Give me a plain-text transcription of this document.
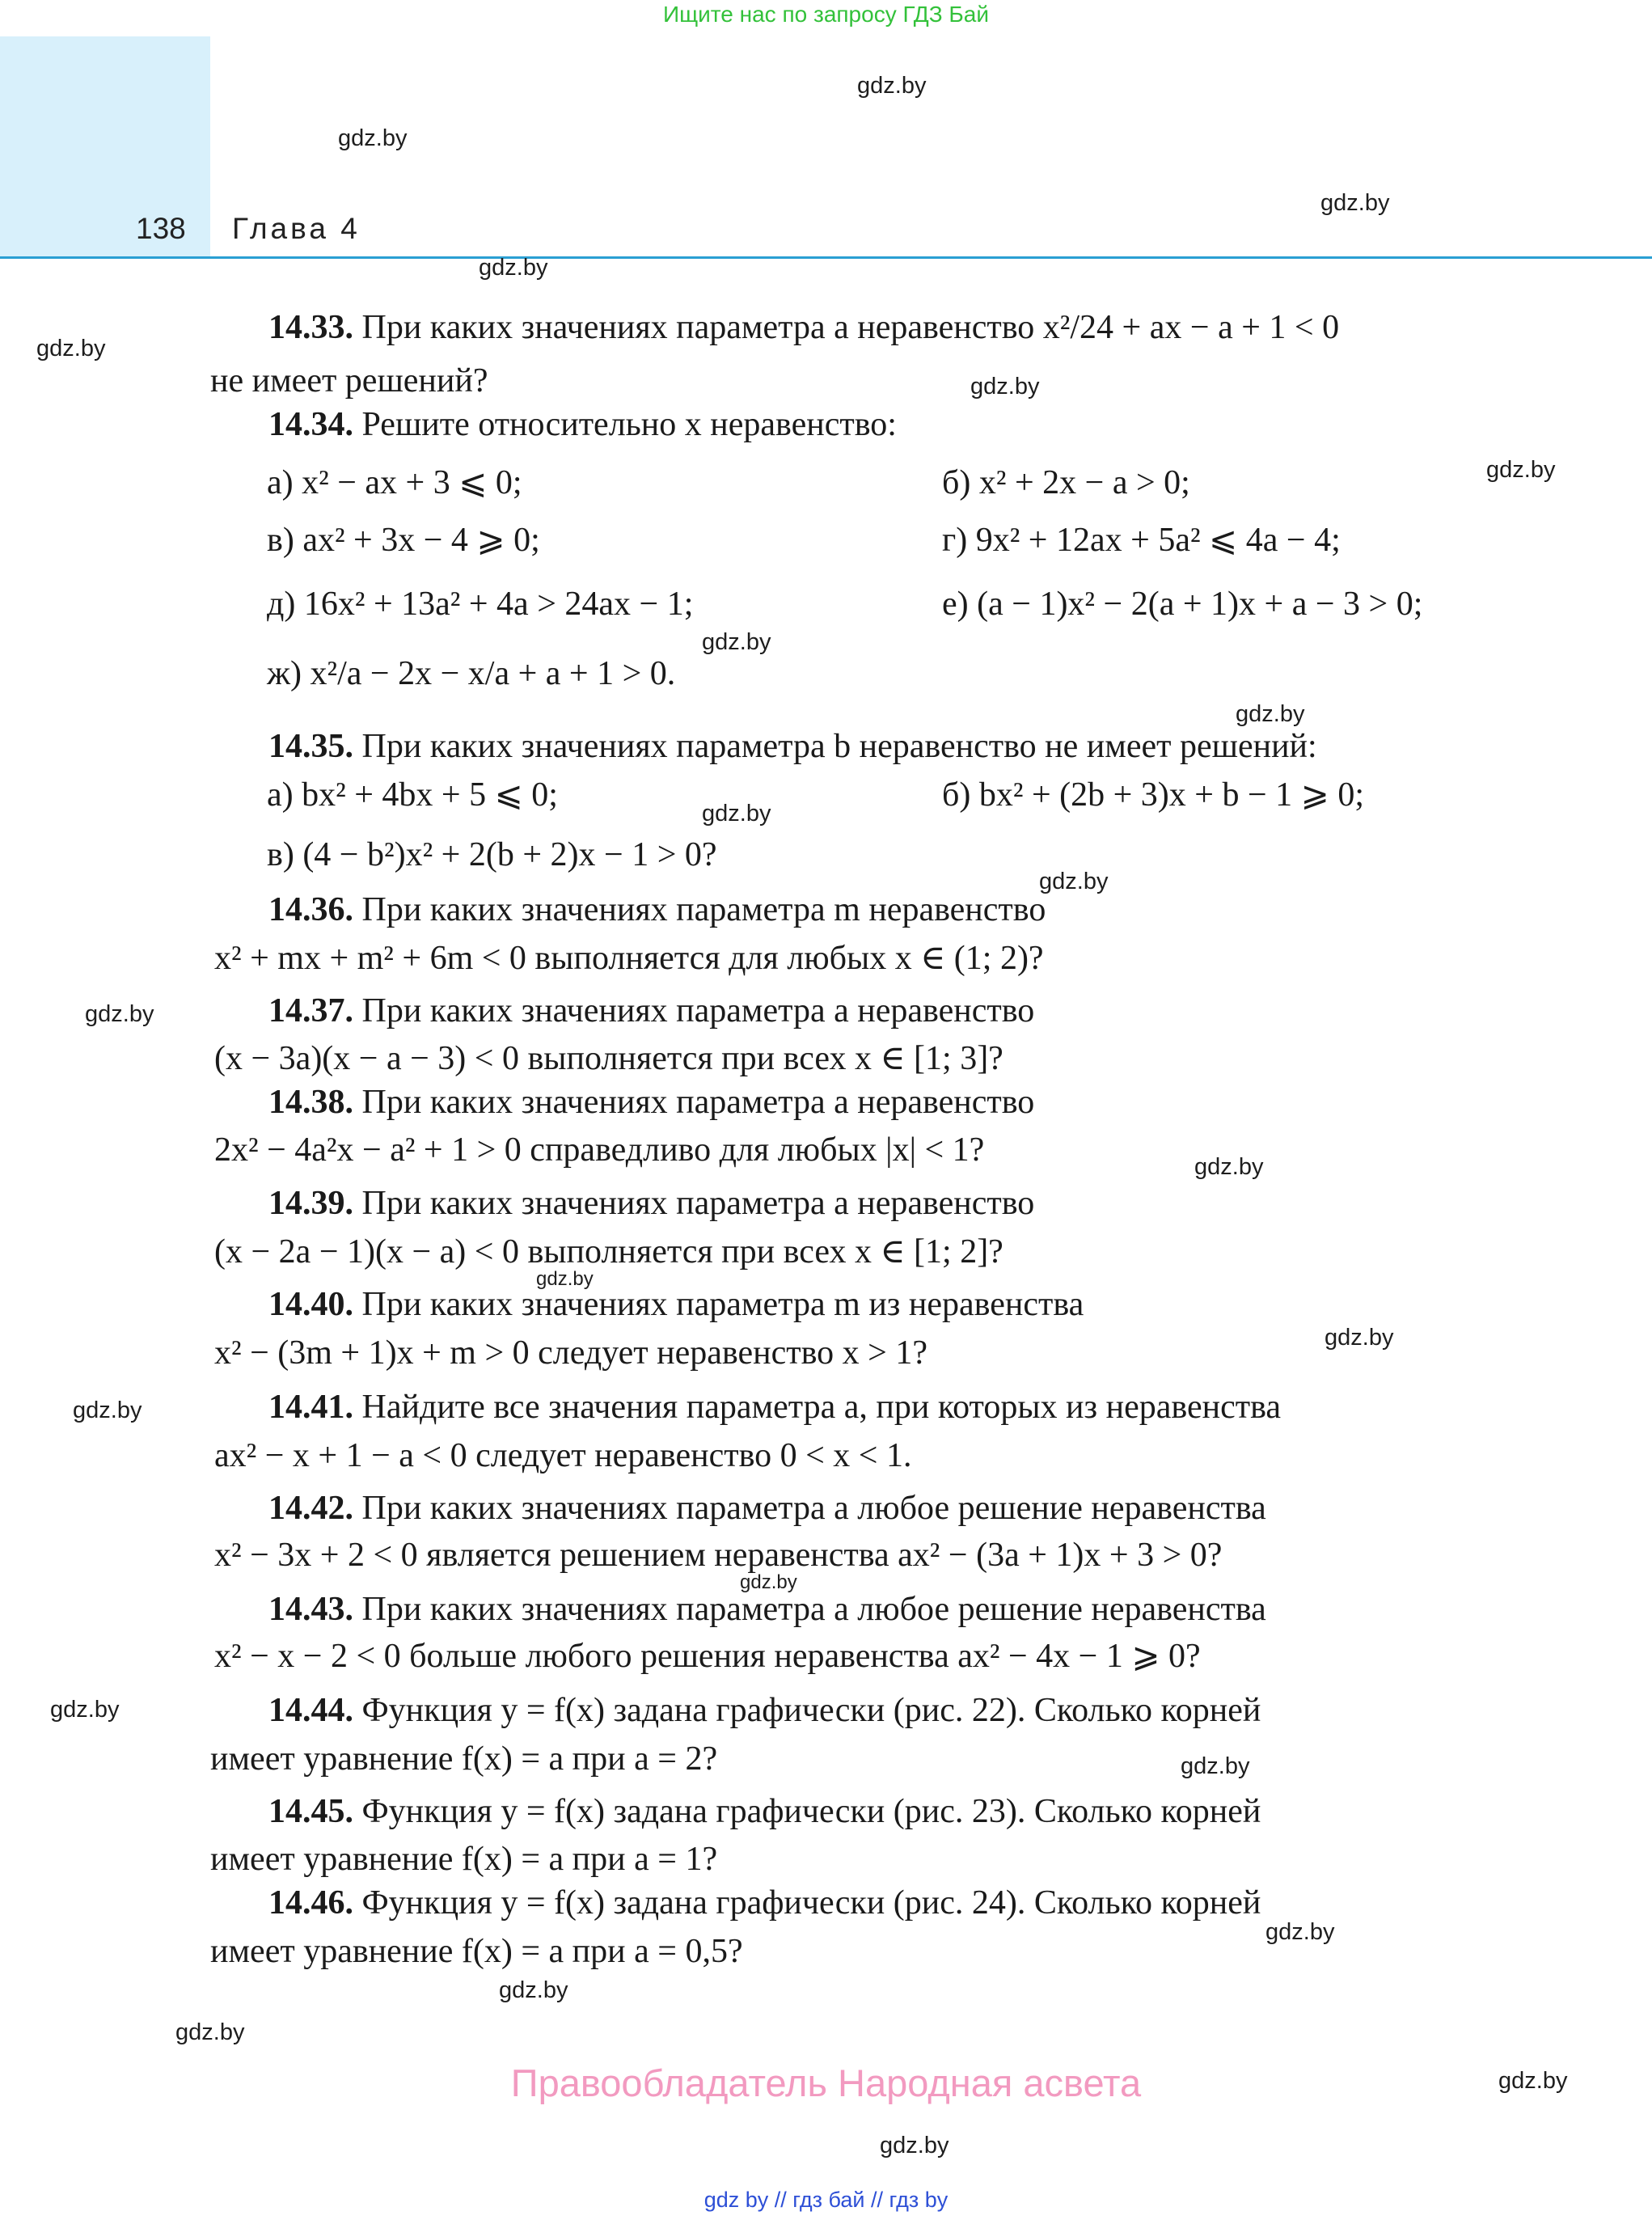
Ищите нас по запросу ГДЗ Бай
138 Глава 4
gdz.by
gdz.by
gdz.by
gdz.by
gdz.by
gdz.by
gdz.by
gdz.by
gdz.by
gdz.by
gdz.by
gdz.by
gdz.by
gdz.by
gdz.by
gdz.by
gdz.by
gdz.by
gdz.by
gdz.by
gdz.by
gdz.by
gdz.by
gdz.by
14.33. При каких значениях параметра a неравенство x²/24 + ax − a + 1 < 0
не имеет решений?
14.34. Решите относительно x неравенство:
а) x² − ax + 3 ⩽ 0;	б) x² + 2x − a > 0;
в) ax² + 3x − 4 ⩾ 0;	г) 9x² + 12ax + 5a² ⩽ 4a − 4;
д) 16x² + 13a² + 4a > 24ax − 1;	е) (a − 1)x² − 2(a + 1)x + a − 3 > 0;
ж) x²/a − 2x − x/a + a + 1 > 0.
14.35. При каких значениях параметра b неравенство не имеет решений:
а) bx² + 4bx + 5 ⩽ 0;	б) bx² + (2b + 3)x + b − 1 ⩾ 0;
в) (4 − b²)x² + 2(b + 2)x − 1 > 0?
14.36. При каких значениях параметра m неравенство
x² + mx + m² + 6m < 0 выполняется для любых x ∈ (1; 2)?
14.37. При каких значениях параметра a неравенство
(x − 3a)(x − a − 3) < 0 выполняется при всех x ∈ [1; 3]?
14.38. При каких значениях параметра a неравенство
2x² − 4a²x − a² + 1 > 0 справедливо для любых |x| < 1?
14.39. При каких значениях параметра a неравенство
(x − 2a − 1)(x − a) < 0 выполняется при всех x ∈ [1; 2]?
14.40. При каких значениях параметра m из неравенства
x² − (3m + 1)x + m > 0 следует неравенство x > 1?
14.41. Найдите все значения параметра a, при которых из неравенства
ax² − x + 1 − a < 0 следует неравенство 0 < x < 1.
14.42. При каких значениях параметра a любое решение неравенства
x² − 3x + 2 < 0 является решением неравенства ax² − (3a + 1)x + 3 > 0?
14.43. При каких значениях параметра a любое решение неравенства
x² − x − 2 < 0 больше любого решения неравенства ax² − 4x − 1 ⩾ 0?
14.44. Функция y = f(x) задана графически (рис. 22). Сколько корней
имеет уравнение f(x) = a при a = 2?
14.45. Функция y = f(x) задана графически (рис. 23). Сколько корней
имеет уравнение f(x) = a при a = 1?
14.46. Функция y = f(x) задана графически (рис. 24). Сколько корней
имеет уравнение f(x) = a при a = 0,5?
Правообладатель Народная асвета
gdz by // гдз бай // гдз by
